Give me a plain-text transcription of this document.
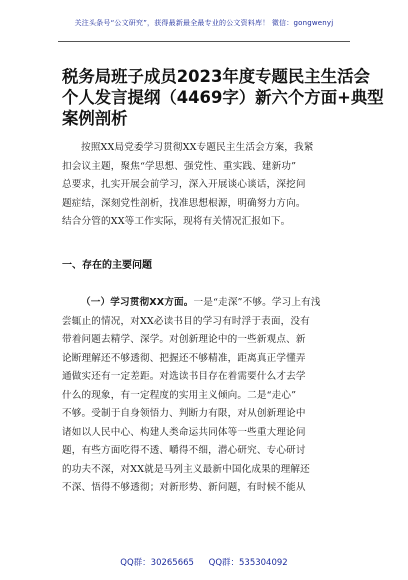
关注头条号“公文研究”，获得最新最全最专业的公文资料库！ 微信：gongwenyj
税务局班子成员2023年度专题民主生活会
个人发言提纲（4469字）新六个方面+典型
案例剖析

按照XX局党委学习贯彻XX专题民主生活会方案，我紧
扣会议主题，聚焦“学思想、强党性、重实践、建新功”
总要求，扎实开展会前学习，深入开展谈心谈话，深挖问
题症结，深刻党性剖析，找准思想根源，明确努力方向。
结合分管的XX等工作实际，现将有关情况汇报如下。

一、存在的主要问题

（一）学习贯彻XX方面。一是“走深”不够。学习上有浅
尝辄止的情况，对XX必读书目的学习有时浮于表面，没有
带着问题去精学、深学。对创新理论中的一些新观点、新
论断理解还不够透彻、把握还不够精准，距离真正学懂弄
通做实还有一定差距。对选读书目存在着需要什么才去学
什么的现象，有一定程度的实用主义倾向。二是“走心”
不够。受制于自身领悟力、判断力有限，对从创新理论中
诸如以人民中心、构建人类命运共同体等一些重大理论问
题，有些方面吃得不透、嚼得不细，潜心研究、专心研讨
的功夫不深，对XX就是马列主义最新中国化成果的理解还
不深、悟得不够透彻；对新形势、新问题，有时候不能从

QQ群：30265665 QQ群：535304092
